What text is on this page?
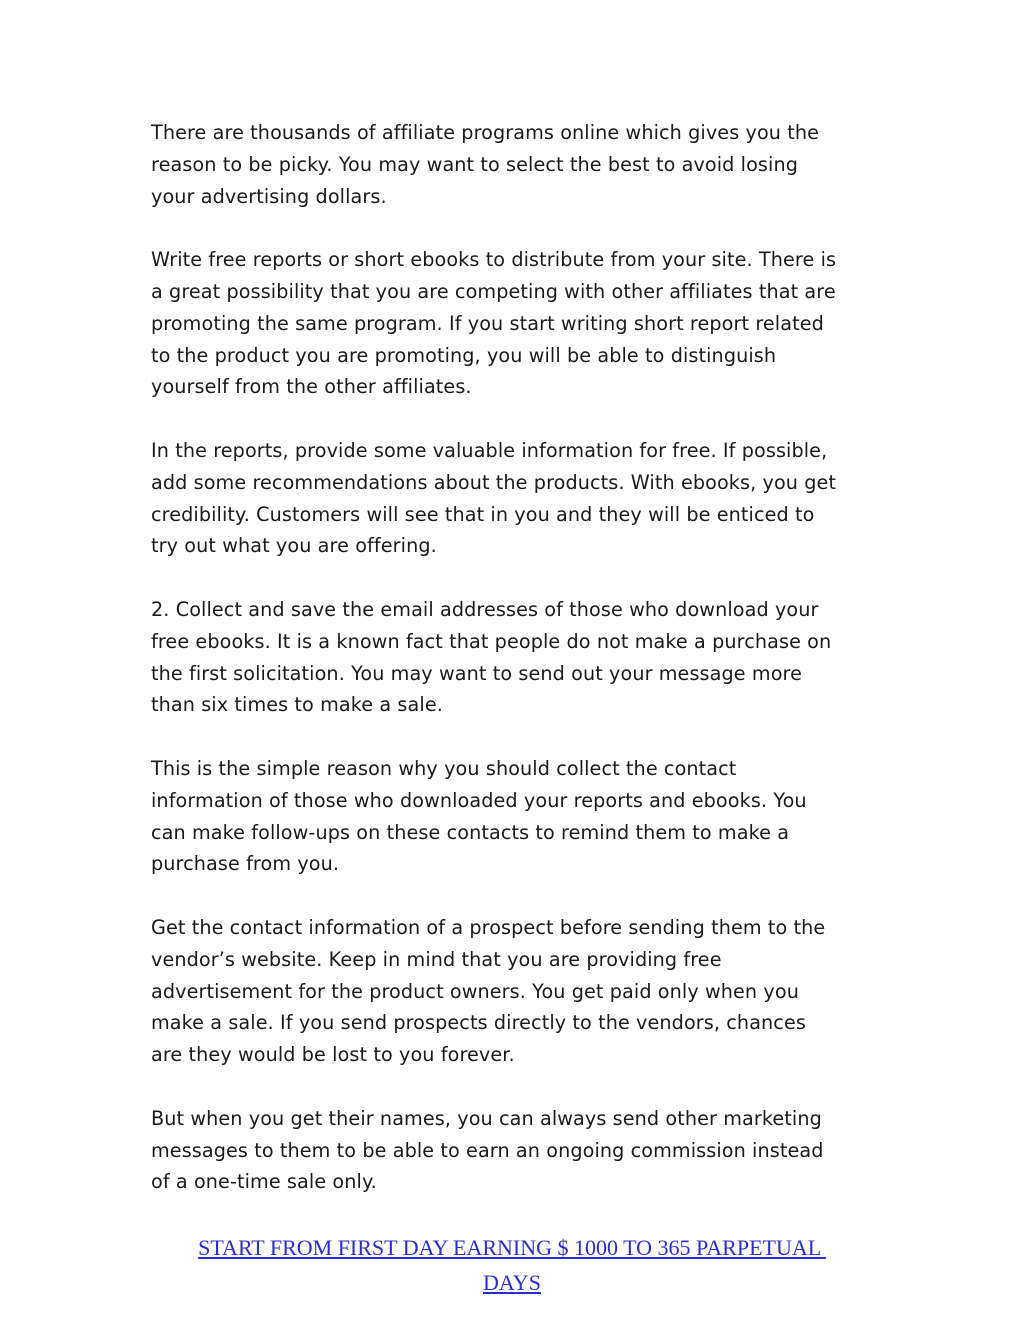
There are thousands of affiliate programs online which gives you the
reason to be picky. You may want to select the best to avoid losing
your advertising dollars.

Write free reports or short ebooks to distribute from your site. There is
a great possibility that you are competing with other affiliates that are
promoting the same program. If you start writing short report related
to the product you are promoting, you will be able to distinguish
yourself from the other affiliates.

In the reports, provide some valuable information for free. If possible,
add some recommendations about the products. With ebooks, you get
credibility. Customers will see that in you and they will be enticed to
try out what you are offering.

2. Collect and save the email addresses of those who download your
free ebooks. It is a known fact that people do not make a purchase on
the first solicitation. You may want to send out your message more
than six times to make a sale.

This is the simple reason why you should collect the contact
information of those who downloaded your reports and ebooks. You
can make follow-ups on these contacts to remind them to make a
purchase from you.

Get the contact information of a prospect before sending them to the
vendor’s website. Keep in mind that you are providing free
advertisement for the product owners. You get paid only when you
make a sale. If you send prospects directly to the vendors, chances
are they would be lost to you forever.

But when you get their names, you can always send other marketing
messages to them to be able to earn an ongoing commission instead
of a one-time sale only.

START FROM FIRST DAY EARNING $ 1000 TO 365 PARPETUAL
DAYS
